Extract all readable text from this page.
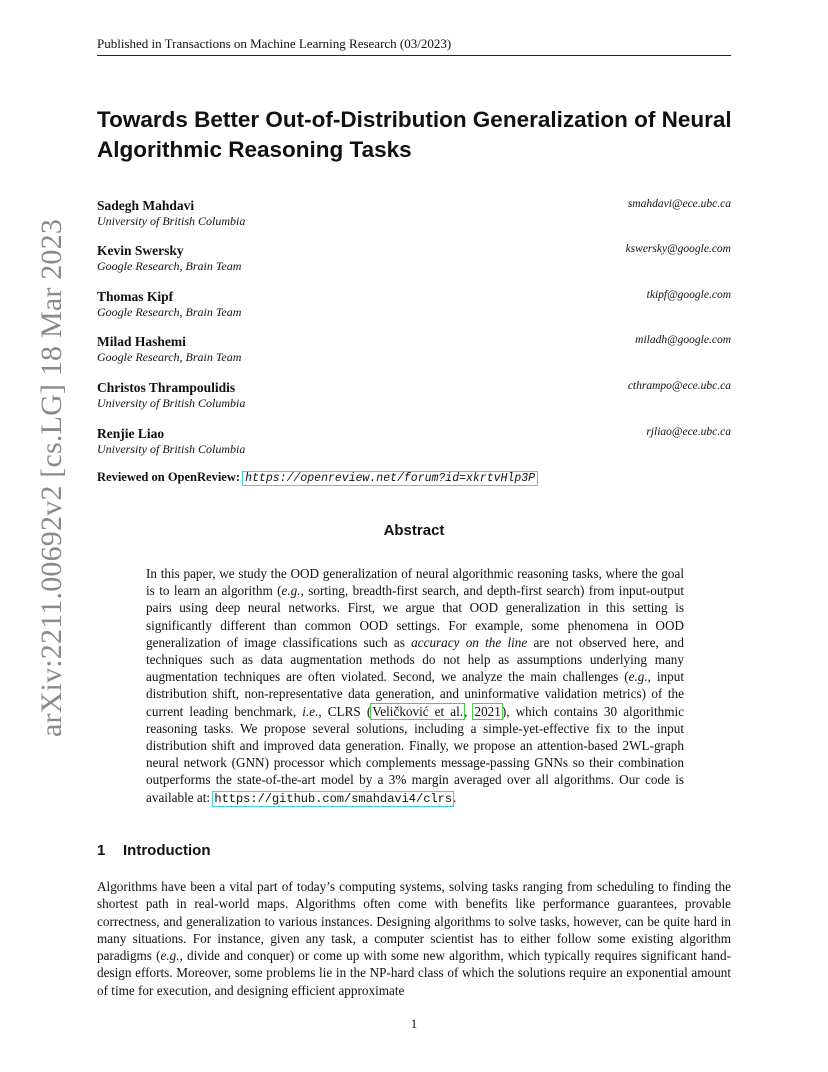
Published in Transactions on Machine Learning Research (03/2023)
arXiv:2211.00692v2 [cs.LG] 18 Mar 2023
Towards Better Out-of-Distribution Generalization of Neural Algorithmic Reasoning Tasks
Sadegh Mahdavi
University of British Columbia
smahdavi@ece.ubc.ca
Kevin Swersky
Google Research, Brain Team
kswersky@google.com
Thomas Kipf
Google Research, Brain Team
tkipf@google.com
Milad Hashemi
Google Research, Brain Team
miladh@google.com
Christos Thrampoulidis
University of British Columbia
cthrampo@ece.ubc.ca
Renjie Liao
University of British Columbia
rjliao@ece.ubc.ca
Reviewed on OpenReview: https://openreview.net/forum?id=xkrtvHlp3P
Abstract
In this paper, we study the OOD generalization of neural algorithmic reasoning tasks, where the goal is to learn an algorithm (e.g., sorting, breadth-first search, and depth-first search) from input-output pairs using deep neural networks. First, we argue that OOD generalization in this setting is significantly different than common OOD settings. For example, some phenomena in OOD generalization of image classifications such as accuracy on the line are not observed here, and techniques such as data augmentation methods do not help as assumptions underlying many augmentation techniques are often violated. Second, we analyze the main challenges (e.g., input distribution shift, non-representative data generation, and uninformative validation metrics) of the current leading benchmark, i.e., CLRS (Veličković et al., 2021), which contains 30 algorithmic reasoning tasks. We propose several solutions, including a simple-yet-effective fix to the input distribution shift and improved data generation. Finally, we propose an attention-based 2WL-graph neural network (GNN) processor which complements message-passing GNNs so their combination outperforms the state-of-the-art model by a 3% margin averaged over all algorithms. Our code is available at: https://github.com/smahdavi4/clrs.
1 Introduction
Algorithms have been a vital part of today’s computing systems, solving tasks ranging from scheduling to finding the shortest path in real-world maps. Algorithms often come with benefits like performance guarantees, provable correctness, and generalization to various instances. Designing algorithms to solve tasks, however, can be quite hard in many situations. For instance, given any task, a computer scientist has to either follow some existing algorithm paradigms (e.g., divide and conquer) or come up with some new algorithm, which typically requires significant hand-design efforts. Moreover, some problems lie in the NP-hard class of which the solutions require an exponential amount of time for execution, and designing efficient approximate
1
